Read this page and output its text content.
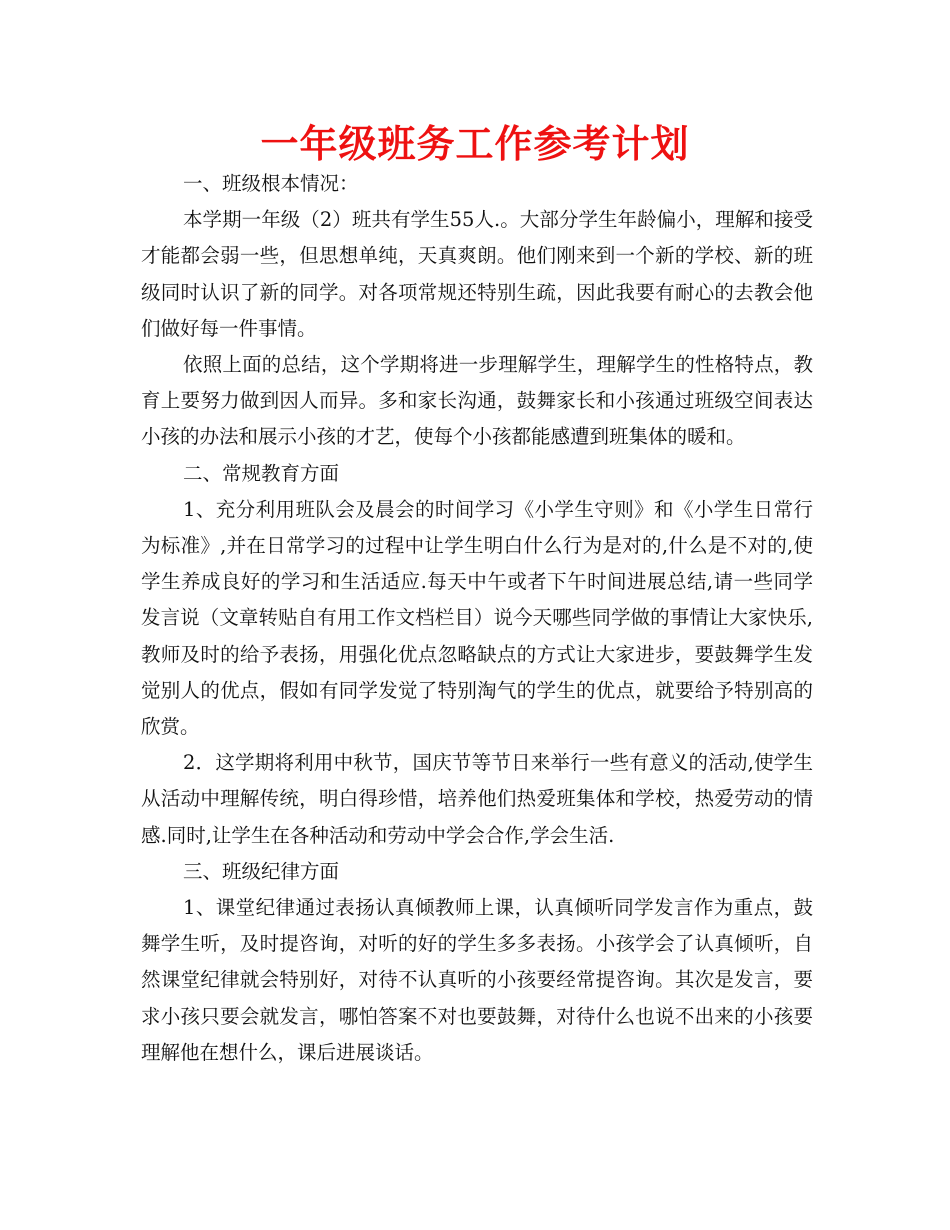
一年级班务工作参考计划

一、班级根本情况：

本学期一年级（2）班共有学生55人.。大部分学生年龄偏小，理解和接受才能都会弱一些，但思想单纯，天真爽朗。他们刚来到一个新的学校、新的班级同时认识了新的同学。对各项常规还特别生疏，因此我要有耐心的去教会他们做好每一件事情。

依照上面的总结，这个学期将进一步理解学生，理解学生的性格特点，教育上要努力做到因人而异。多和家长沟通，鼓舞家长和小孩通过班级空间表达小孩的办法和展示小孩的才艺，使每个小孩都能感遭到班集体的暖和。

二、常规教育方面

1、充分利用班队会及晨会的时间学习《小学生守则》和《小学生日常行为标准》,并在日常学习的过程中让学生明白什么行为是对的,什么是不对的,使学生养成良好的学习和生活适应.每天中午或者下午时间进展总结,请一些同学发言说（文章转贴自有用工作文档栏目）说今天哪些同学做的事情让大家快乐,教师及时的给予表扬，用强化优点忽略缺点的方式让大家进步，要鼓舞学生发觉别人的优点，假如有同学发觉了特别淘气的学生的优点，就要给予特别高的欣赏。

2．这学期将利用中秋节，国庆节等节日来举行一些有意义的活动,使学生从活动中理解传统，明白得珍惜，培养他们热爱班集体和学校，热爱劳动的情感.同时,让学生在各种活动和劳动中学会合作,学会生活.

三、班级纪律方面

1、课堂纪律通过表扬认真倾教师上课，认真倾听同学发言作为重点，鼓舞学生听，及时提咨询，对听的好的学生多多表扬。小孩学会了认真倾听，自然课堂纪律就会特别好，对待不认真听的小孩要经常提咨询。其次是发言，要求小孩只要会就发言，哪怕答案不对也要鼓舞，对待什么也说不出来的小孩要理解他在想什么，课后进展谈话。
